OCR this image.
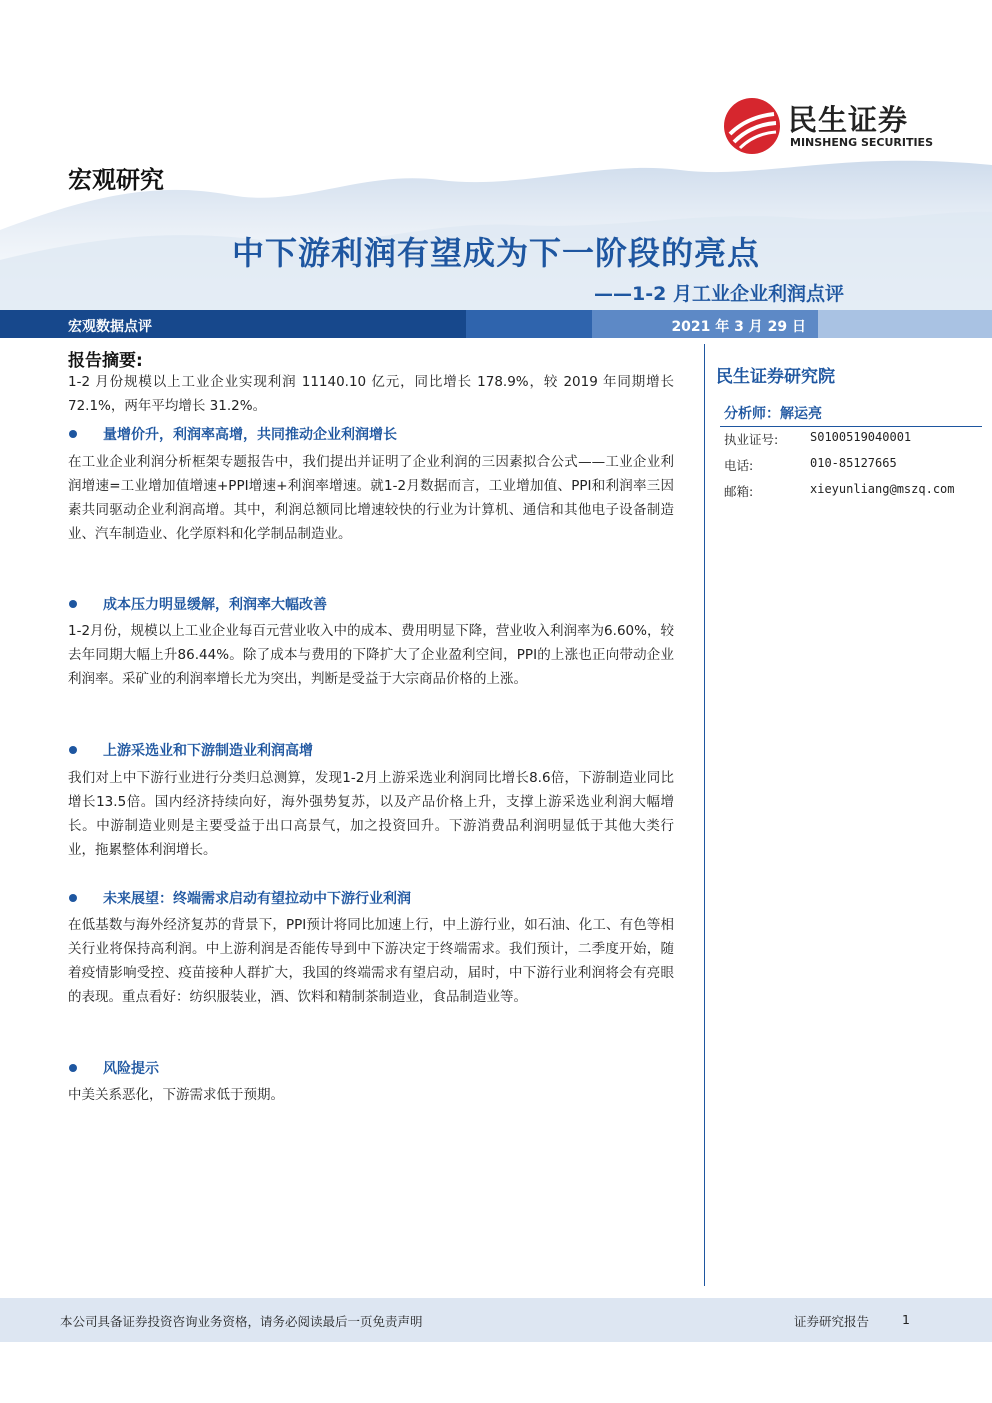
民生证券
MINSHENG SECURITIES
宏观研究
中下游利润有望成为下一阶段的亮点
——1-2 月工业企业利润点评
宏观数据点评	2021 年 3 月 29 日
报告摘要:

1-2 月份规模以上工业企业实现利润 11140.10 亿元，同比增长 178.9%，较 2019 年同期增长 72.1%，两年平均增长 31.2%。

量增价升，利润率高增，共同推动企业利润增长

在工业企业利润分析框架专题报告中，我们提出并证明了企业利润的三因素拟合公式——工业企业利润增速=工业增加值增速+PPI增速+利润率增速。就1-2月数据而言，工业增加值、PPI和利润率三因素共同驱动企业利润高增。其中，利润总额同比增速较快的行业为计算机、通信和其他电子设备制造业、汽车制造业、化学原料和化学制品制造业。

成本压力明显缓解，利润率大幅改善

1-2月份，规模以上工业企业每百元营业收入中的成本、费用明显下降，营业收入利润率为6.60%，较去年同期大幅上升86.44%。除了成本与费用的下降扩大了企业盈利空间，PPI的上涨也正向带动企业利润率。采矿业的利润率增长尤为突出，判断是受益于大宗商品价格的上涨。

上游采选业和下游制造业利润高增

我们对上中下游行业进行分类归总测算，发现1-2月上游采选业利润同比增长8.6倍，下游制造业同比增长13.5倍。国内经济持续向好，海外强势复苏，以及产品价格上升，支撑上游采选业利润大幅增长。中游制造业则是主要受益于出口高景气，加之投资回升。下游消费品利润明显低于其他大类行业，拖累整体利润增长。

未来展望：终端需求启动有望拉动中下游行业利润

在低基数与海外经济复苏的背景下，PPI预计将同比加速上行，中上游行业，如石油、化工、有色等相关行业将保持高利润。中上游利润是否能传导到中下游决定于终端需求。我们预计，二季度开始，随着疫情影响受控、疫苗接种人群扩大，我国的终端需求有望启动，届时，中下游行业利润将会有亮眼的表现。重点看好：纺织服装业，酒、饮料和精制茶制造业，食品制造业等。

风险提示

中美关系恶化，下游需求低于预期。

民生证券研究院
分析师：解运亮
执业证号:	S0100519040001
电话:	010-85127665
邮箱:	xieyunliang@mszq.com
本公司具备证券投资咨询业务资格，请务必阅读最后一页免责声明	证券研究报告	1
